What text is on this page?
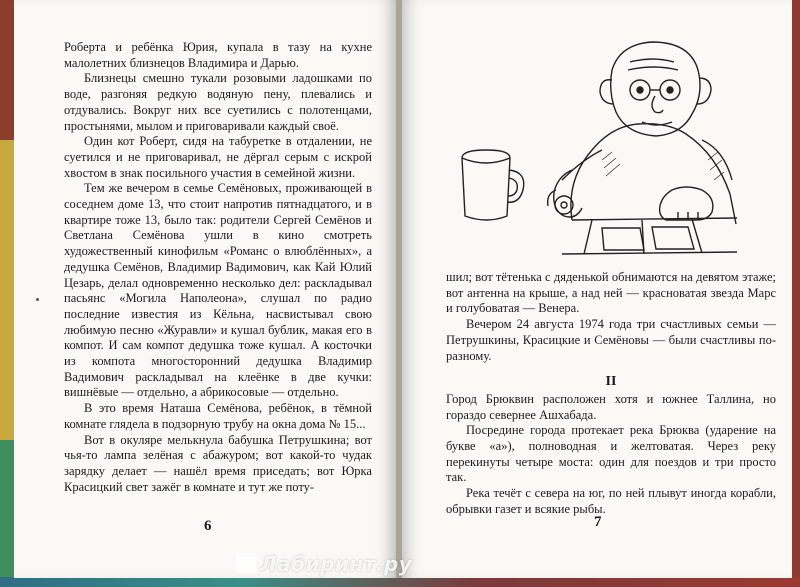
Роберта и ребёнка Юрия, купала в тазу на кухне малолетних близнецов Владимира и Дарью.

Близнецы смешно тукали розовыми ладошками по воде, разгоняя редкую водяную пену, плевались и отдувались. Вокруг них все суетились с полотенцами, простынями, мылом и приговаривали каждый своё.

Один кот Роберт, сидя на табуретке в отдалении, не суетился и не приговаривал, не дёргал серым с искрой хвостом в знак посильного участия в семейной жизни.

Тем же вечером в семье Семёновых, проживающей в соседнем доме 13, что стоит напротив пятнадцатого, и в квартире тоже 13, было так: родители Сергей Семёнов и Светлана Семёнова ушли в кино смотреть художественный кинофильм «Романс о влюблённых», а дедушка Семёнов, Владимир Вадимович, как Кай Юлий Цезарь, делал одновременно несколько дел: раскладывал пасьянс «Могила Наполеона», слушал по радио последние известия из Кёльна, насвистывал свою любимую песню «Журавли» и кушал бублик, макая его в компот. И сам компот дедушка тоже кушал. А косточки из компота многосторонний дедушка Владимир Вадимович раскладывал на клеёнке в две кучки: вишнёвые — отдельно, а абрикосовые — отдельно.

В это время Наташа Семёнова, ребёнок, в тёмной комнате глядела в подзорную трубу на окна дома № 15...

Вот в окуляре мелькнула бабушка Петрушкина; вот чья-то лампа зелёная с абажуром; вот какой-то чудак зарядку делает — нашёл время приседать; вот Юрка Красицкий свет зажёг в комнате и тут же поту-

6

шил; вот тётенька с дяденькой обнимаются на девятом этаже; вот антенна на крыше, а над ней — красноватая звезда Марс и голубоватая — Венера.

Вечером 24 августа 1974 года три счастливых семьи — Петрушкины, Красицкие и Семёновы — были счастливы по-разному.

II

Город Брюквин расположен хотя и южнее Таллина, но гораздо севернее Ашхабада.

Посредине города протекает река Брюква (ударение на букве «а»), полноводная и желтоватая. Через реку перекинуты четыре моста: один для поездов и три просто так.

Река течёт с севера на юг, по ней плывут иногда корабли, обрывки газет и всякие рыбы.

7
Лабиринт.ру
